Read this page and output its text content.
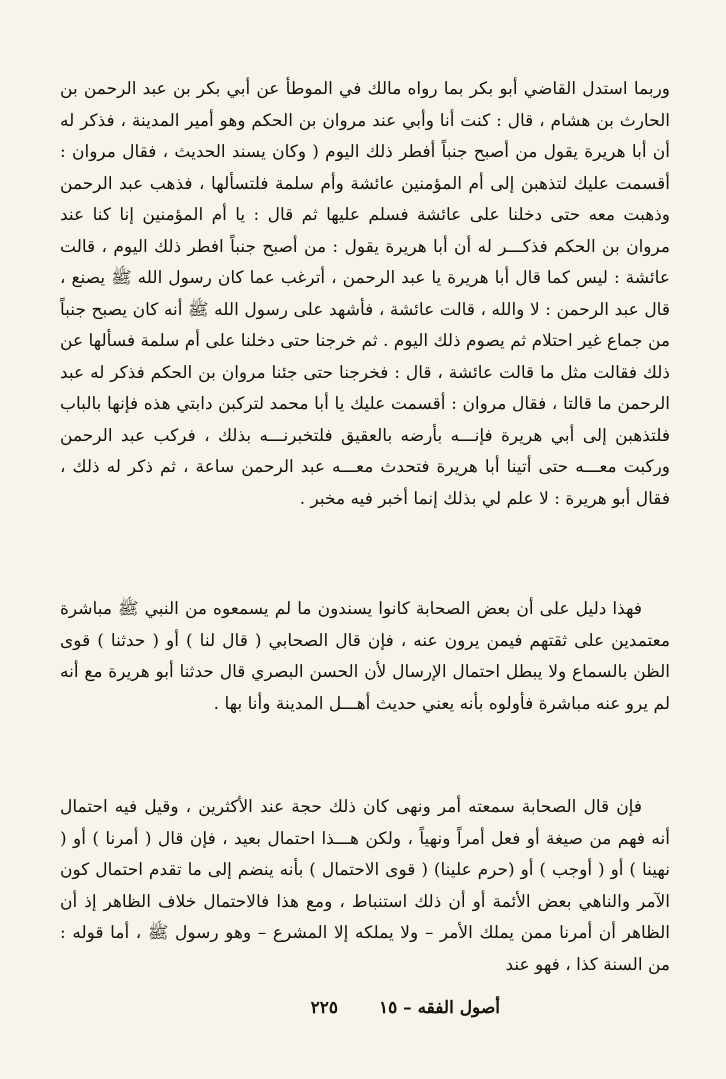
وربما استدل القاضي أبو بكر بما رواه مالك في الموطأ عن أبي بكر بن عبد الرحمن بن الحارث بن هشام ، قال : كنت أنا وأبي عند مروان بن الحكم وهو أمير المدينة ، فذكر له أن أبا هريرة يقول من أصبح جنباً أفطر ذلك اليوم ( وكان يسند الحديث ، فقال مروان : أقسمت عليك لتذهبن إلى أم المؤمنين عائشة وأم سلمة فلتسألها ، فذهب عبد الرحمن وذهبت معه حتى دخلنا على عائشة فسلم عليها ثم قال : يا أم المؤمنين إنا كنا عند مروان بن الحكم فذكـــر له أن أبا هريرة يقول : من أصبح جنباً افطر ذلك اليوم ، قالت عائشة : ليس كما قال أبا هريرة يا عبد الرحمن ، أترغب عما كان رسول الله ﷺ يصنع ، قال عبد الرحمن : لا والله ، قالت عائشة ، فأشهد على رسول الله ﷺ أنه كان يصبح جنباً من جماع غير احتلام ثم يصوم ذلك اليوم . ثم خرجنا حتى دخلنا على أم سلمة فسألها عن ذلك فقالت مثل ما قالت عائشة ، قال : فخرجنا حتى جئنا مروان بن الحكم فذكر له عبد الرحمن ما قالتا ، فقال مروان : أقسمت عليك يا أبا محمد لتركبن دابتي هذه فإنها بالباب فلتذهبن إلى أبي هريرة فإنـــه بأرضه بالعقيق فلتخبرنـــه بذلك ، فركب عبد الرحمن وركبت معـــه حتى أتينا أبا هريرة فتحدث معـــه عبد الرحمن ساعة ، ثم ذكر له ذلك ، فقال أبو هريرة : لا علم لي بذلك إنما أخبر فيه مخبر .

فهذا دليل على أن بعض الصحابة كانوا يسندون ما لم يسمعوه من النبي ﷺ مباشرة معتمدين على ثقتهم فيمن يرون عنه ، فإن قال الصحابي ( قال لنا ) أو ( حدثنا ) قوى الظن بالسماع ولا يبطل احتمال الإرسال لأن الحسن البصري قال حدثنا أبو هريرة مع أنه لم يرو عنه مباشرة فأولوه بأنه يعني حديث أهـــل المدينة وأنا بها .

فإن قال الصحابة سمعته أمر ونهى كان ذلك حجة عند الأكثرين ، وقيل فيه احتمال أنه فهم من صيغة أو فعل أمراً ونهياً ، ولكن هـــذا احتمال بعيد ، فإن قال ( أمرنا ) أو ( نهينا ) أو ( أوجب ) أو (حرم علينا) ( قوى الاحتمال ) بأنه ينضم إلى ما تقدم احتمال كون الآمر والناهي بعض الأئمة أو أن ذلك استنباط ، ومع هذا فالاحتمال خلاف الظاهر إذ أن الظاهر أن أمرنا ممن يملك الأمر – ولا يملكه إلا المشرع – وهو رسول ﷺ ، أما قوله : من السنة كذا ، فهو عند

أصول الفقه – ١٥
٢٢٥
